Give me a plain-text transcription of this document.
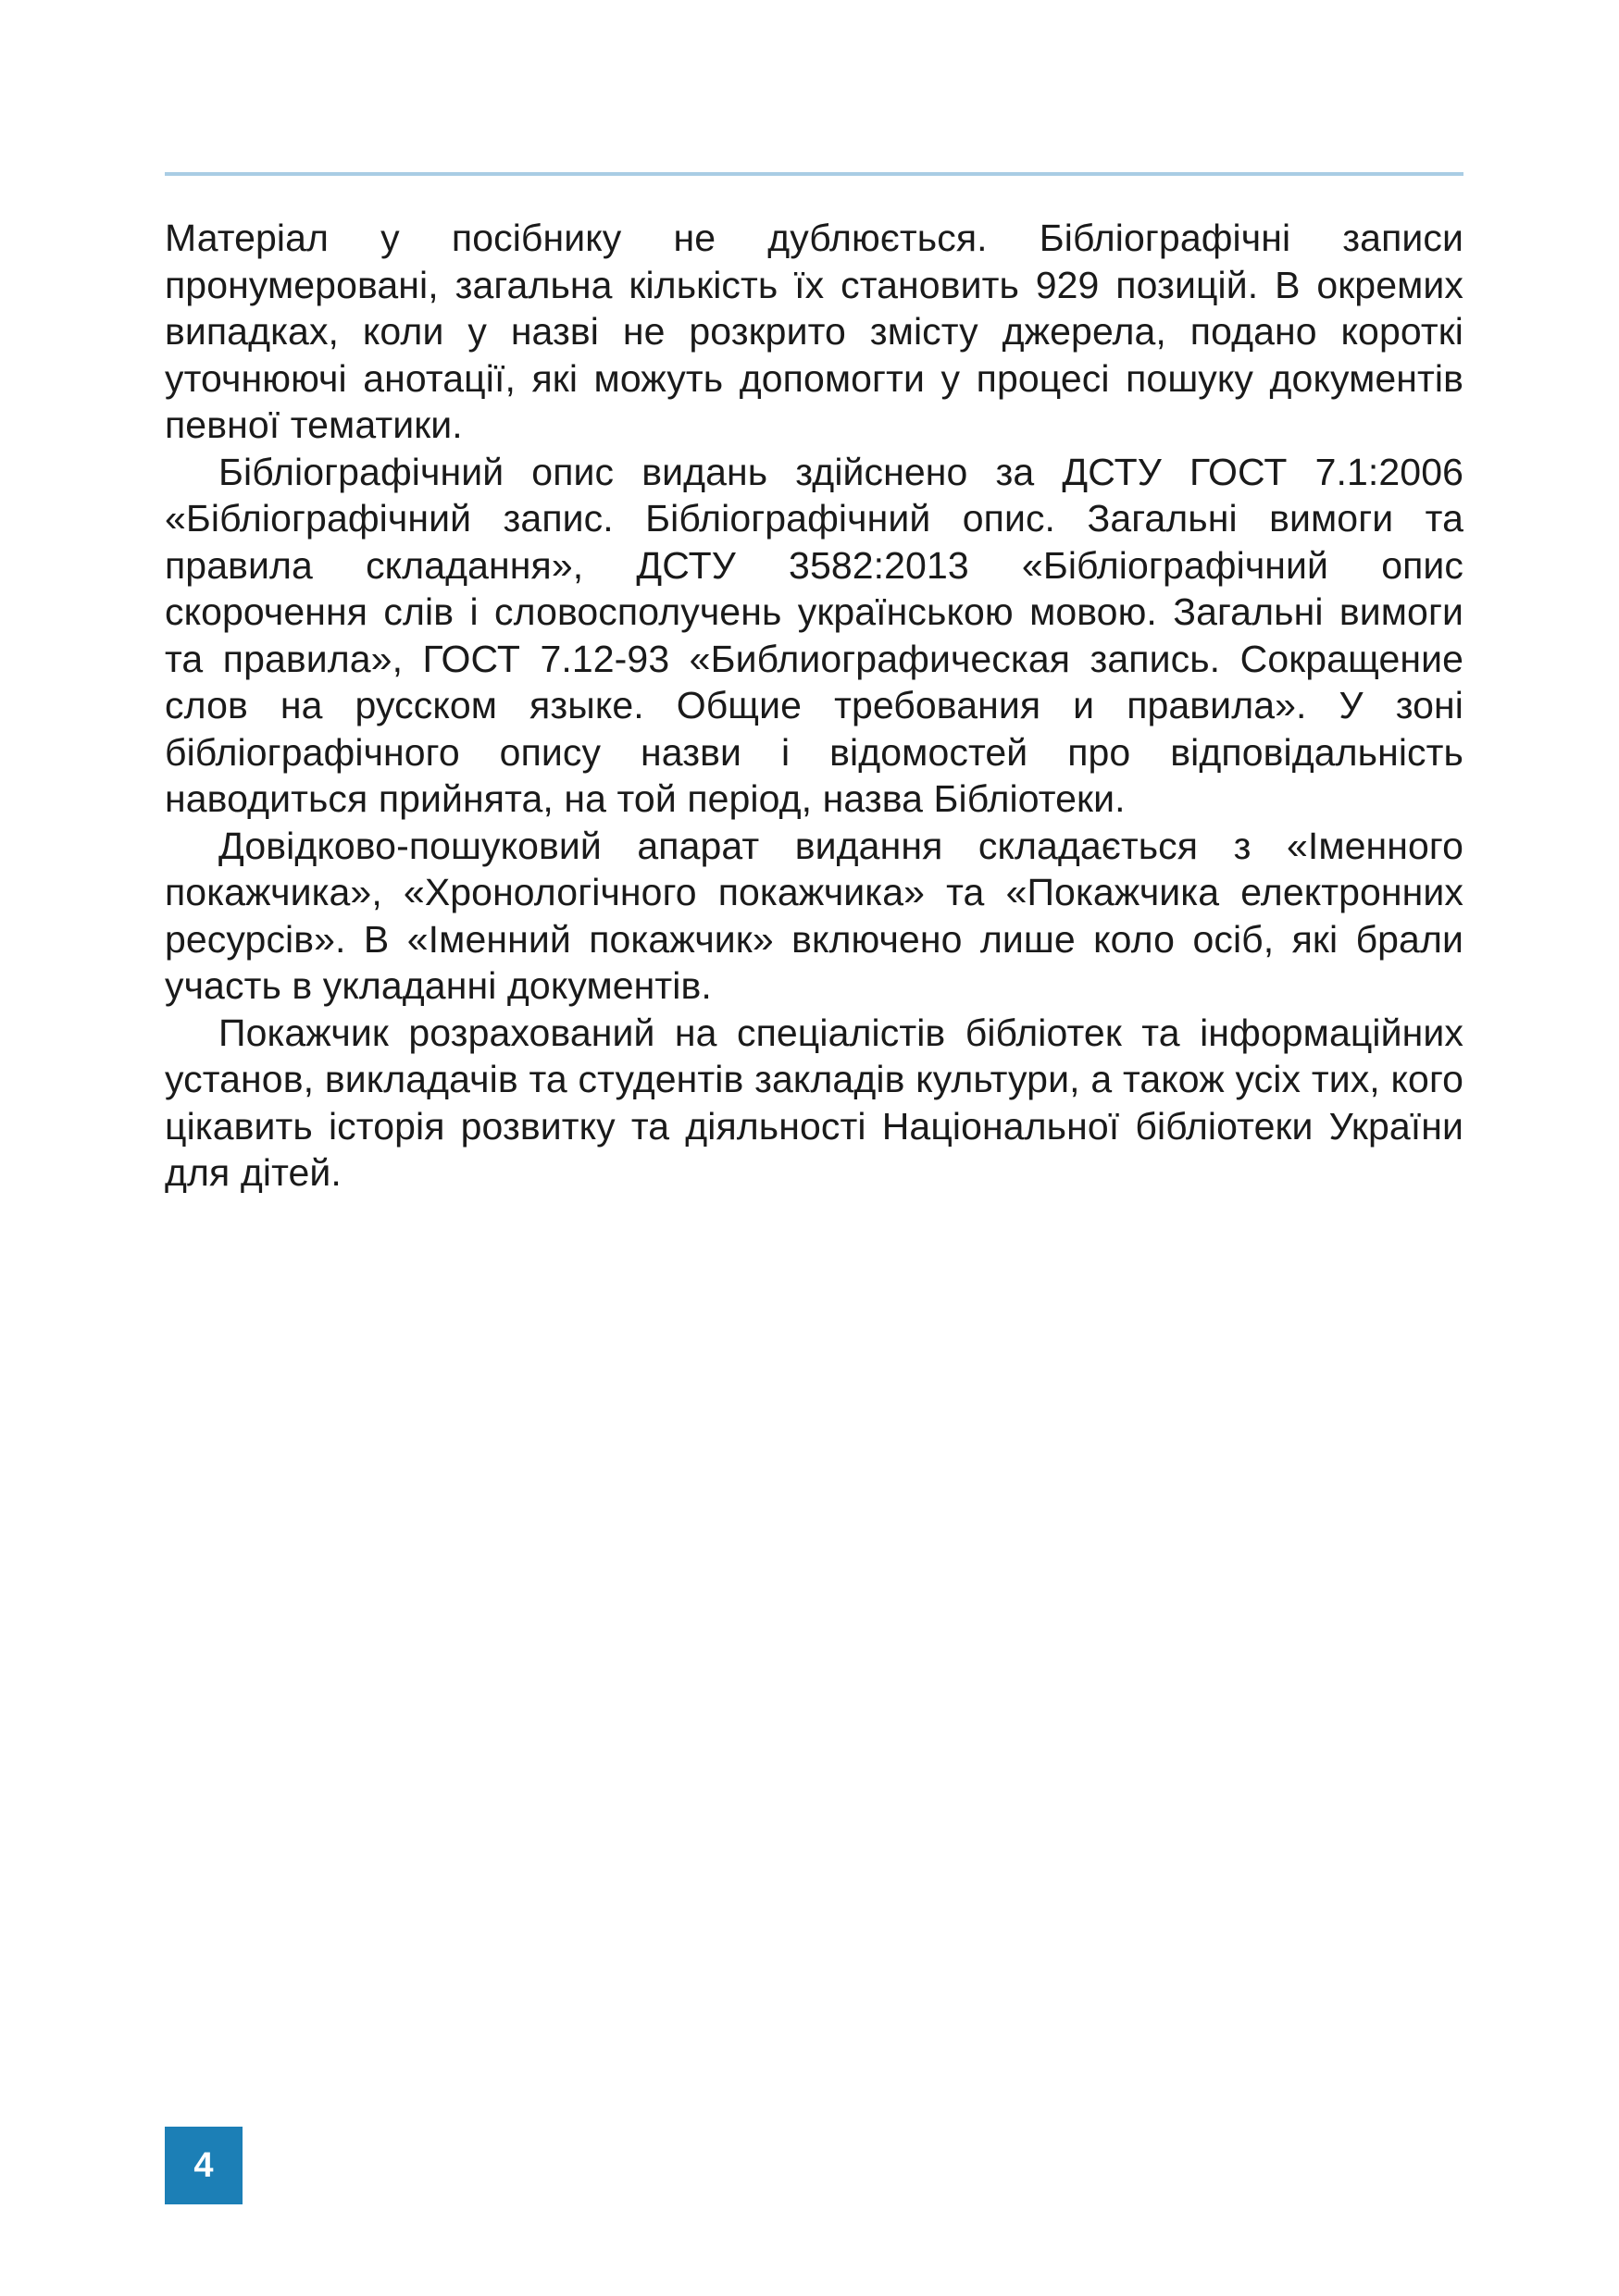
Матеріал у посібнику не дублюється. Бібліографічні записи пронумеровані, загальна кількість їх становить 929 позицій. В окремих випадках, коли у назві не розкрито змісту джерела, подано короткі уточнюючі анотації, які можуть допомогти у процесі пошуку документів певної тематики.

Бібліографічний опис видань здійснено за ДСТУ ГОСТ 7.1:2006 «Бібліографічний запис. Бібліографічний опис. Загальні вимоги та правила складання», ДСТУ 3582:2013 «Бібліографічний опис скорочення слів і словосполучень українською мовою. Загальні вимоги та правила», ГОСТ 7.12-93 «Библиографическая запись. Сокращение слов на русском языке. Общие требования и правила». У зоні бібліографічного опису назви і відомостей про відповідальність наводиться прийнята, на той період, назва Бібліотеки.

Довідково-пошуковий апарат видання складається з «Іменного покажчика», «Хронологічного покажчика» та «Покажчика електронних ресурсів». В «Іменний покажчик» включено лише коло осіб, які брали участь в укладанні документів.

Покажчик розрахований на спеціалістів бібліотек та інформаційних установ, викладачів та студентів закладів культури, а також усіх тих, кого цікавить історія розвитку та діяльності Національної бібліотеки України для дітей.

4
